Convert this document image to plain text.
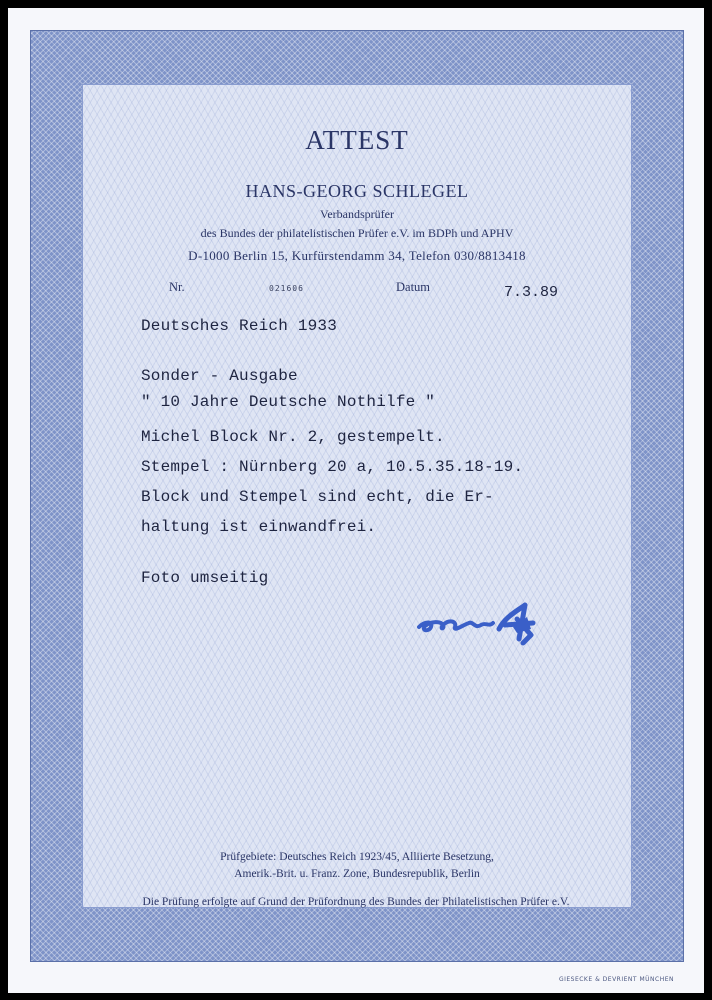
ATTEST
HANS-GEORG SCHLEGEL
Verbandsprüfer
des Bundes der philatelistischen Prüfer e.V. im BDPh und APHV
D-1000 Berlin 15, Kurfürstendamm 34, Telefon 030/8813418
Nr.	021606	Datum	7.3.89
Deutsches Reich 1933
Sonder - Ausgabe
" 10 Jahre Deutsche Nothilfe "
Michel Block Nr. 2, gestempelt.
Stempel : Nürnberg 20 a, 10.5.35.18-19.
Block und Stempel sind echt, die Er-
haltung ist einwandfrei.
Foto umseitig
Prüfgebiete: Deutsches Reich 1923/45, Alliierte Besetzung,
Amerik.-Brit. u. Franz. Zone, Bundesrepublik, Berlin
Die Prüfung erfolgte auf Grund der Prüfordnung des Bundes der Philatelistischen Prüfer e.V.
GIESECKE & DEVRIENT MÜNCHEN
